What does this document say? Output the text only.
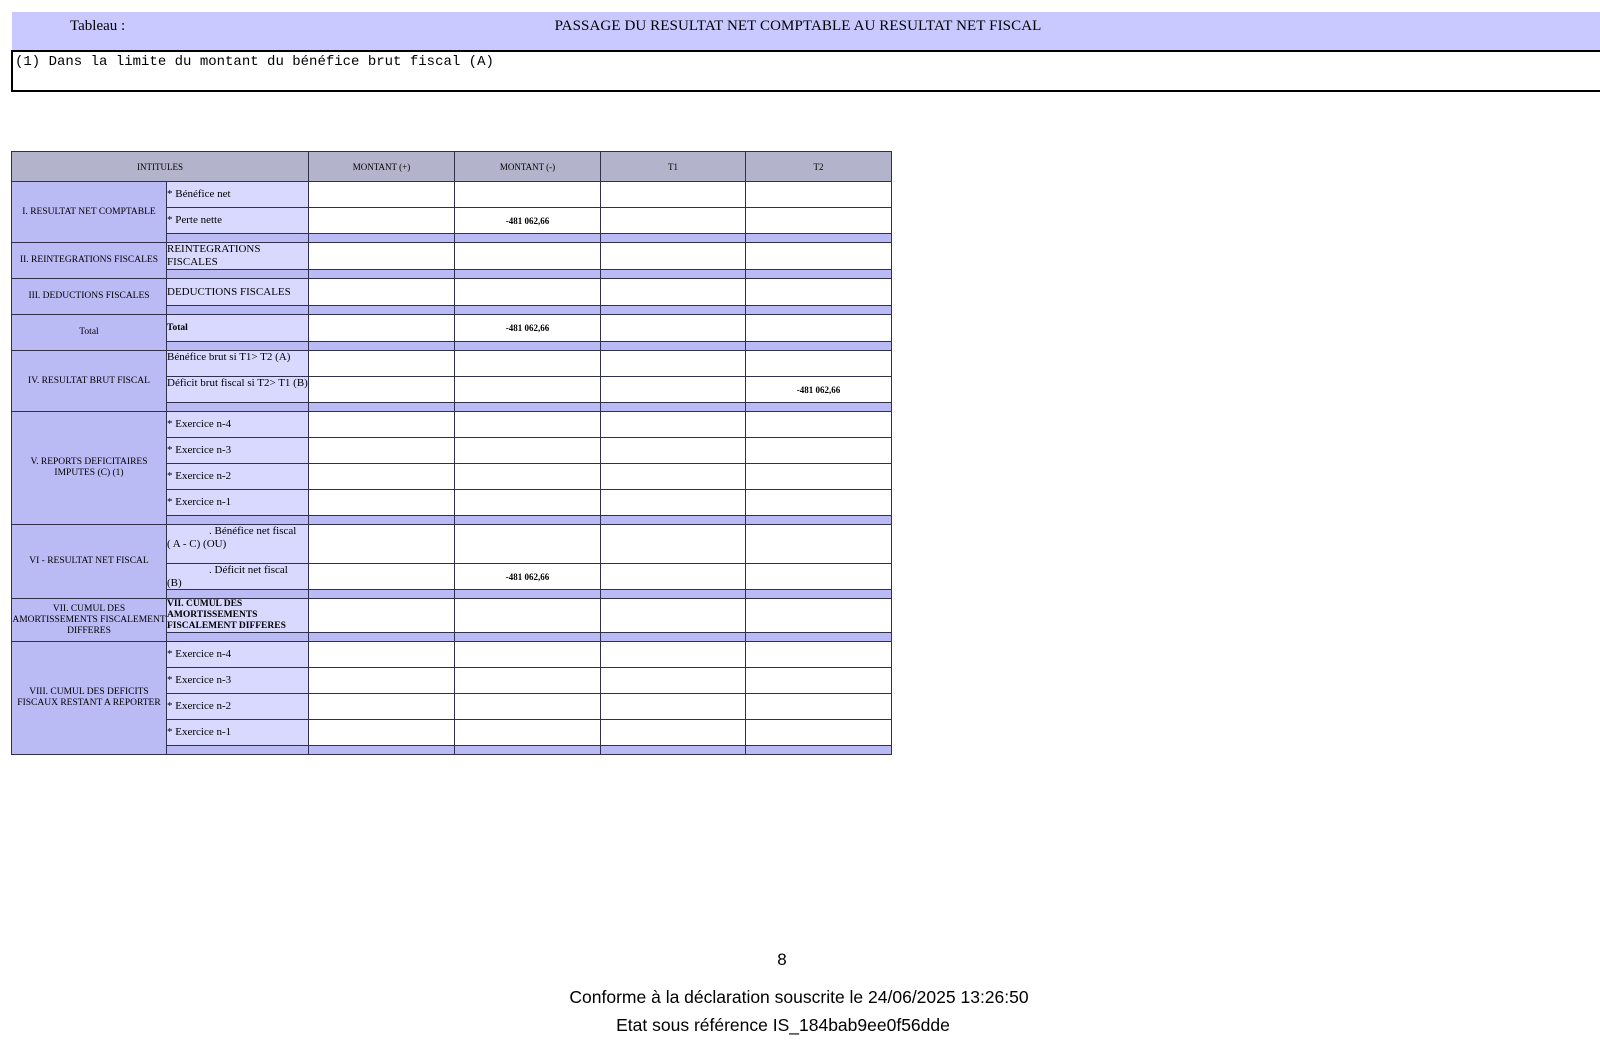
Tableau :	PASSAGE DU RESULTAT NET COMPTABLE AU RESULTAT NET FISCAL
(1) Dans la limite du montant du bénéfice brut fiscal (A)
INTITULES		MONTANT (+)	MONTANT (-)	T1	T2
I. RESULTAT NET COMPTABLE	* Bénéfice net				
	* Perte nette		-481 062,66		

II. REINTEGRATIONS FISCALES	REINTEGRATIONS FISCALES				

III. DEDUCTIONS FISCALES	DEDUCTIONS FISCALES				

Total	Total		-481 062,66		

IV. RESULTAT BRUT FISCAL	Bénéfice brut si T1> T2 (A)				
	Déficit brut fiscal si T2> T1 (B)				-481 062,66

V. REPORTS DEFICITAIRES IMPUTES (C) (1)	* Exercice n-4				
	* Exercice n-3				
	* Exercice n-2				
	* Exercice n-1				

VI - RESULTAT NET FISCAL	. Bénéfice net fiscal
( A - C) (OU)				

	. Déficit net fiscal
(B)		-481 062,66		

VII. CUMUL DES AMORTISSEMENTS FISCALEMENT DIFFERES	VII. CUMUL DES AMORTISSEMENTS FISCALEMENT DIFFERES				

VIII. CUMUL DES DEFICITS FISCAUX RESTANT A REPORTER	* Exercice n-4				
	* Exercice n-3				
	* Exercice n-2				
	* Exercice n-1				

8
Conforme à la déclaration souscrite le 24/06/2025 13:26:50
Etat sous référence IS_184bab9ee0f56dde
